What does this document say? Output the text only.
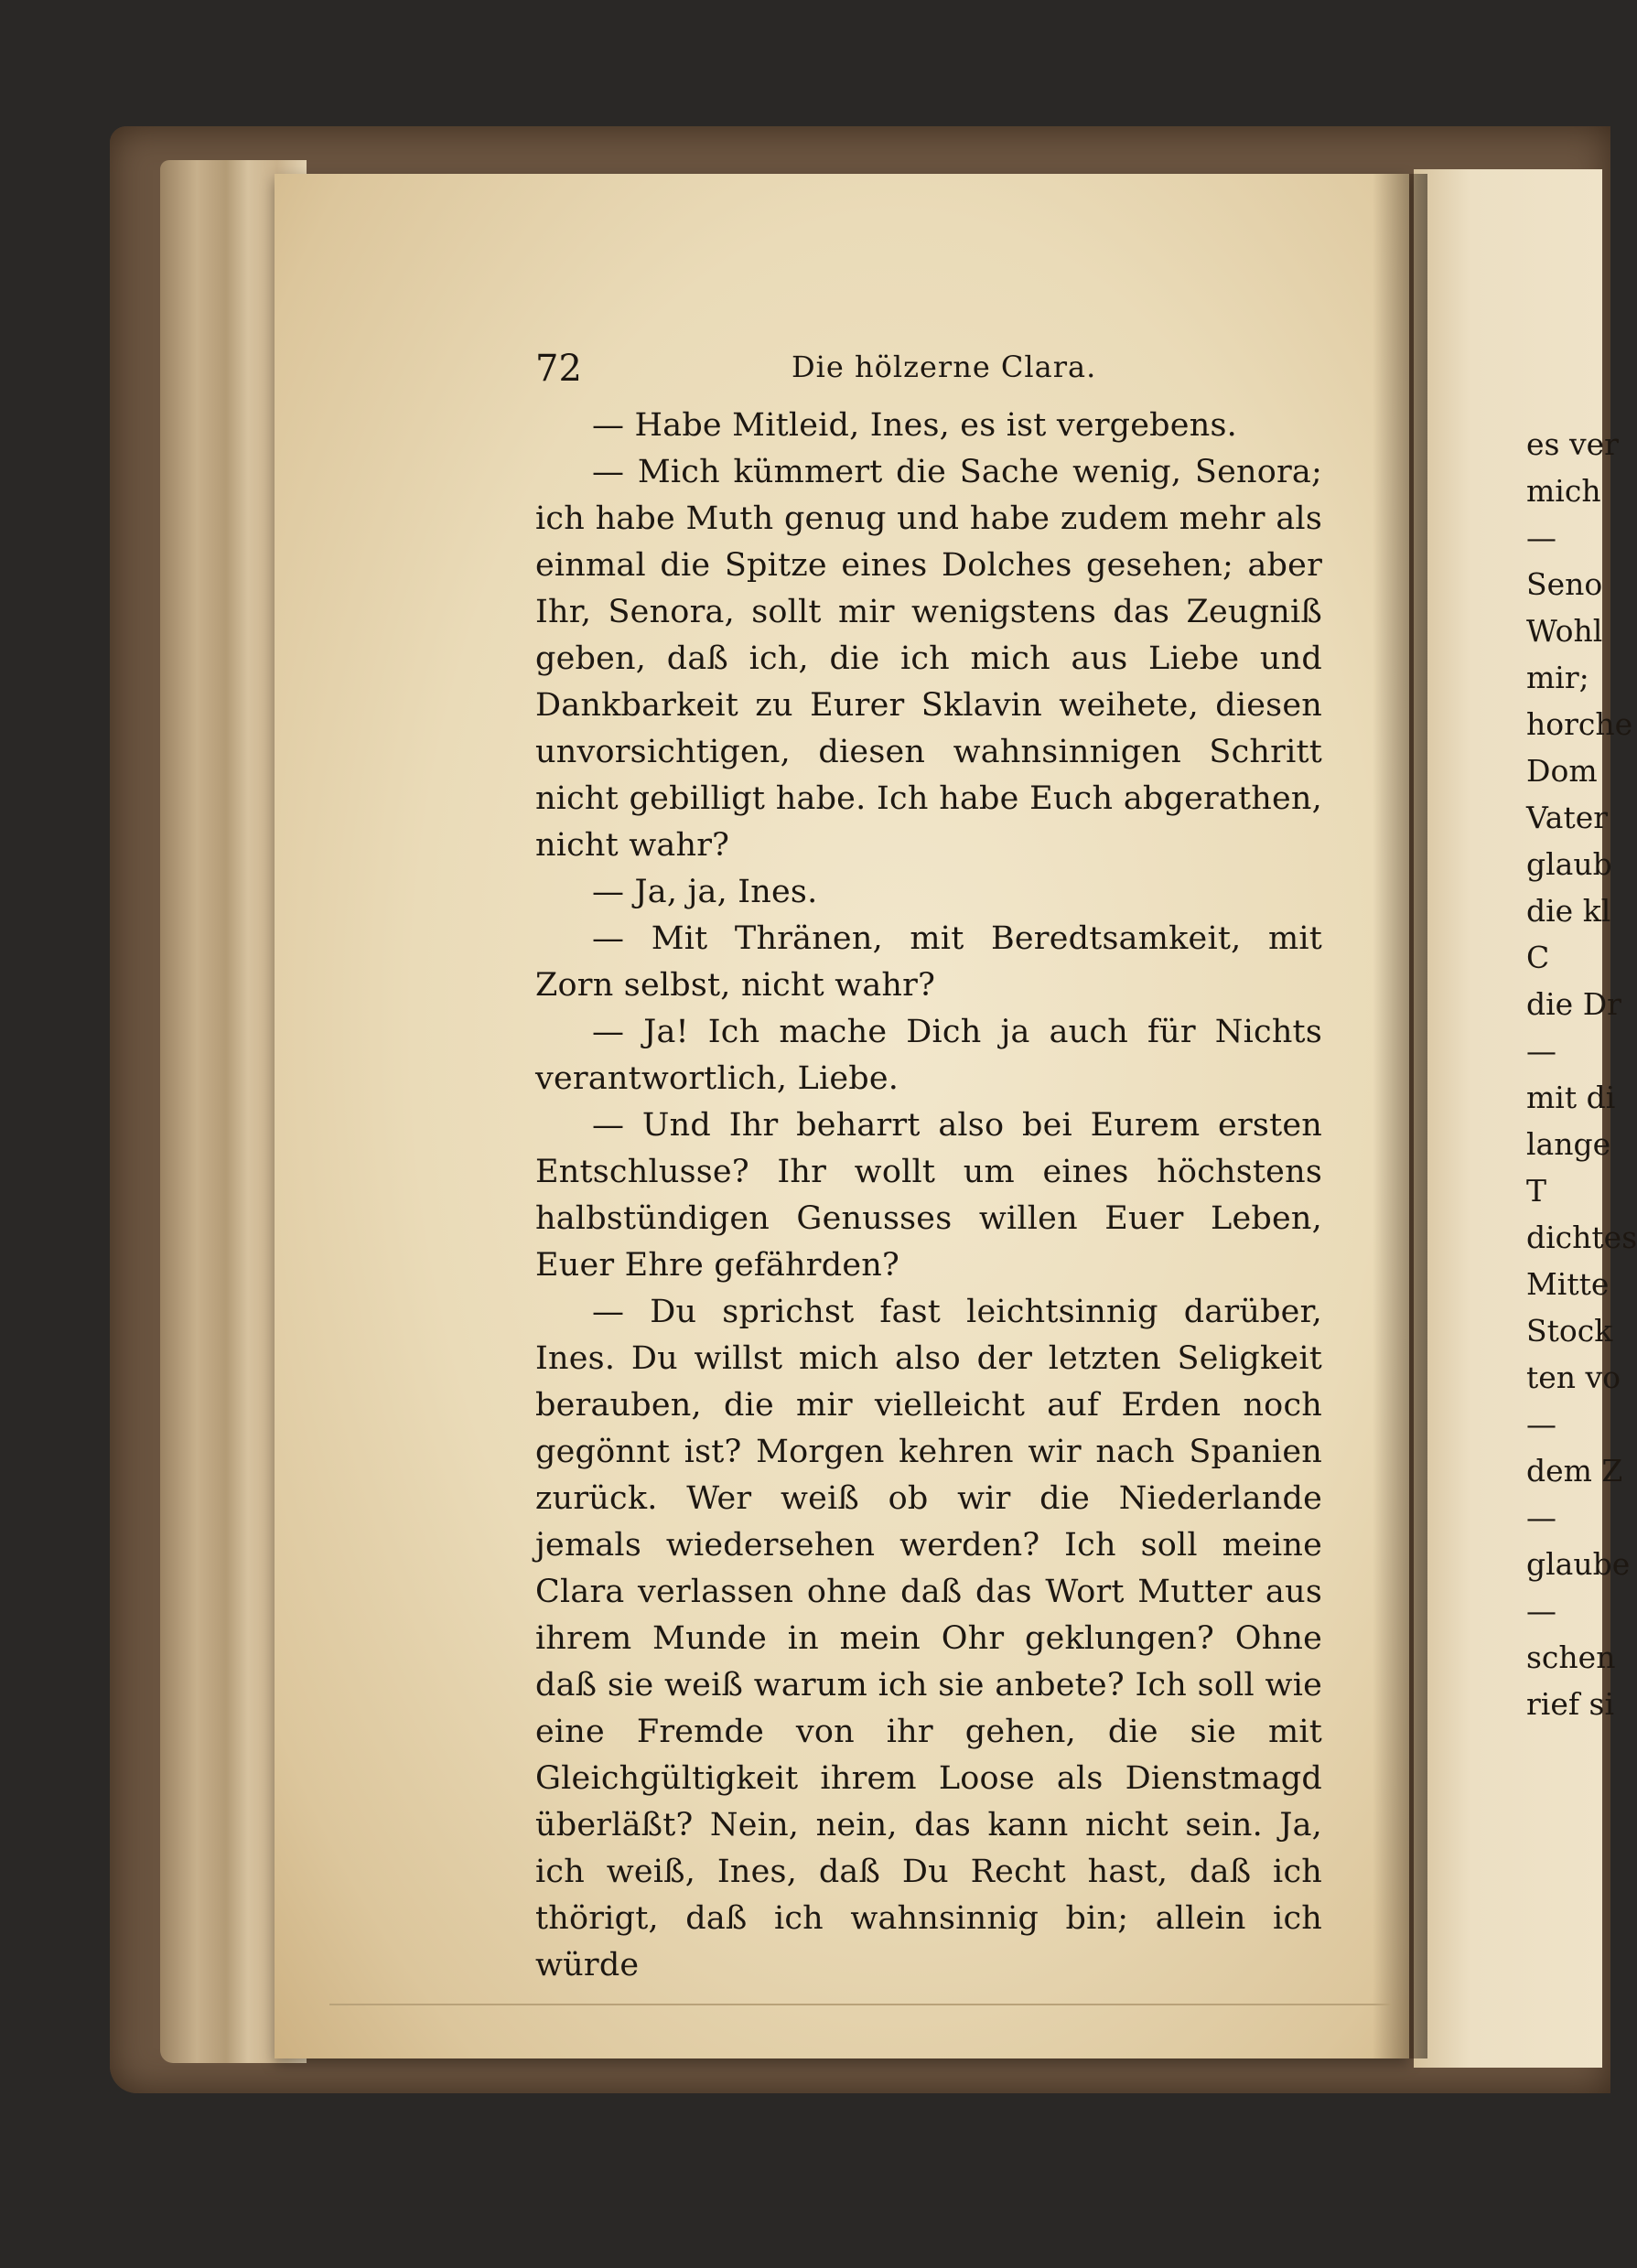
72	Die hölzerne Clara.

— Habe Mitleid, Ines, es ist vergebens.

— Mich kümmert die Sache wenig, Senora; ich habe Muth genug und habe zudem mehr als einmal die Spitze eines Dolches gesehen; aber Ihr, Senora, sollt mir wenigstens das Zeugniß geben, daß ich, die ich mich aus Liebe und Dankbarkeit zu Eurer Sklavin weihete, diesen unvorsichtigen, diesen wahnsinnigen Schritt nicht gebilligt habe. Ich habe Euch abgerathen, nicht wahr?

— Ja, ja, Ines.

— Mit Thränen, mit Beredtsamkeit, mit Zorn selbst, nicht wahr?

— Ja! Ich mache Dich ja auch für Nichts verantwortlich, Liebe.

— Und Ihr beharrt also bei Eurem ersten Entschlusse? Ihr wollt um eines höchstens halbstündigen Genusses willen Euer Leben, Euer Ehre gefährden?

— Du sprichst fast leichtsinnig darüber, Ines. Du willst mich also der letzten Seligkeit berauben, die mir vielleicht auf Erden noch gegönnt ist? Morgen kehren wir nach Spanien zurück. Wer weiß ob wir die Niederlande jemals wiedersehen werden? Ich soll meine Clara verlassen ohne daß das Wort Mutter aus ihrem Munde in mein Ohr geklungen? Ohne daß sie weiß warum ich sie anbete? Ich soll wie eine Fremde von ihr gehen, die sie mit Gleichgültigkeit ihrem Loose als Dienstmagd überläßt? Nein, nein, das kann nicht sein. Ja, ich weiß, Ines, daß Du Recht hast, daß ich thörigt, daß ich wahnsinnig bin; allein ich würde

es ver
mich
—
Seno
Wohl
mir;
horche
Dom
Vater
glaub
die kl
C
die Dr
—
mit di
lange
T
dichtes
Mitte
Stock
ten vo
—
dem Z
—
glaube
—
schen
rief si
